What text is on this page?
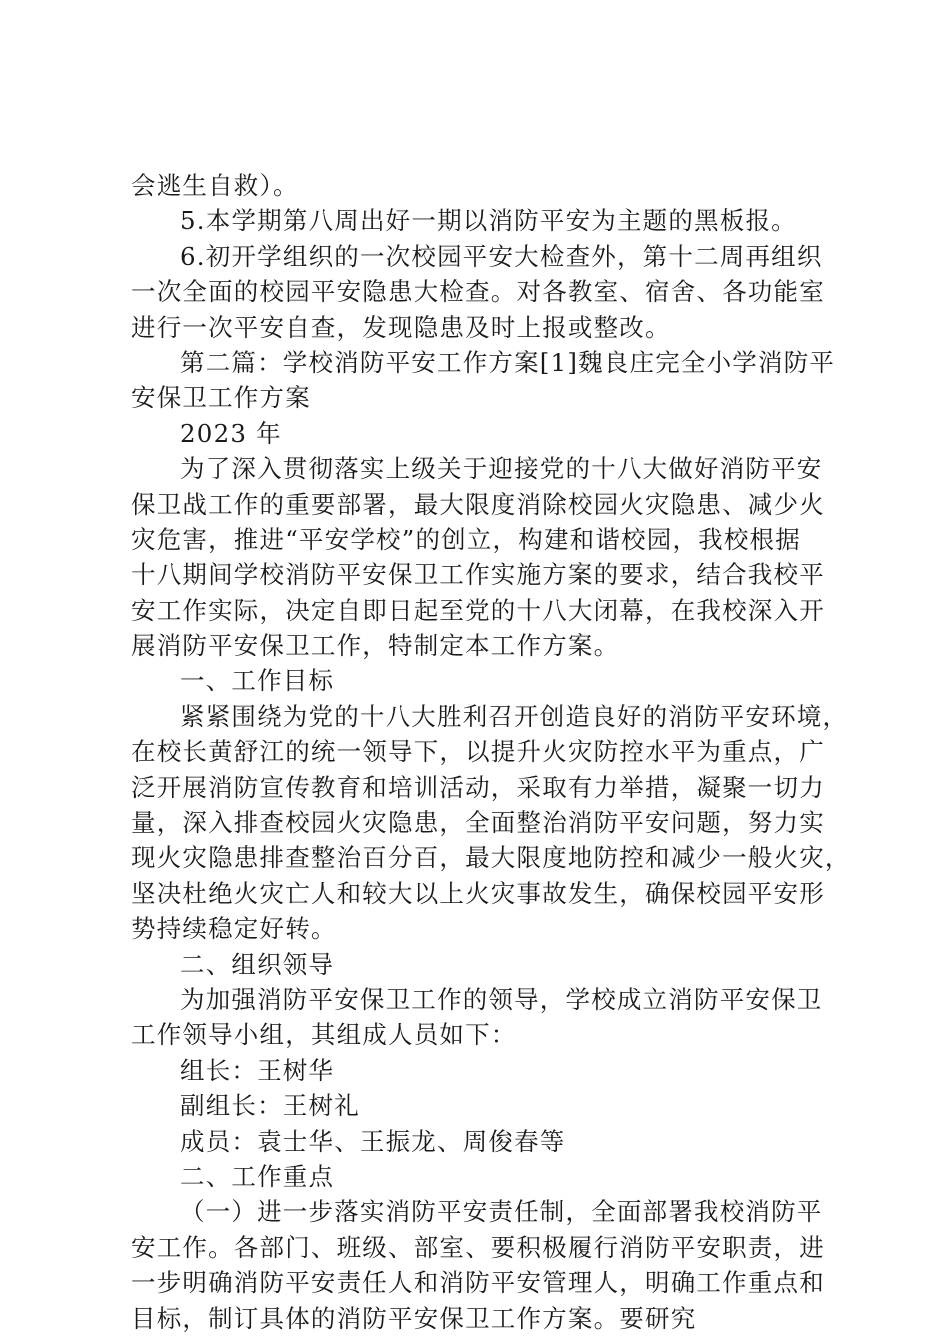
会逃生自救）。
5.本学期第八周出好一期以消防平安为主题的黑板报。
6.初开学组织的一次校园平安大检查外，第十二周再组织
一次全面的校园平安隐患大检查。对各教室、宿舍、各功能室
进行一次平安自查，发现隐患及时上报或整改。
第二篇：学校消防平安工作方案[1]魏良庄完全小学消防平
安保卫工作方案
2023 年
为了深入贯彻落实上级关于迎接党的十八大做好消防平安
保卫战工作的重要部署，最大限度消除校园火灾隐患、减少火
灾危害，推进“平安学校”的创立，构建和谐校园，我校根据
十八期间学校消防平安保卫工作实施方案的要求，结合我校平
安工作实际，决定自即日起至党的十八大闭幕，在我校深入开
展消防平安保卫工作，特制定本工作方案。
一、工作目标
紧紧围绕为党的十八大胜利召开创造良好的消防平安环境，
在校长黄舒江的统一领导下，以提升火灾防控水平为重点，广
泛开展消防宣传教育和培训活动，采取有力举措，凝聚一切力
量，深入排查校园火灾隐患，全面整治消防平安问题，努力实
现火灾隐患排查整治百分百，最大限度地防控和减少一般火灾，
坚决杜绝火灾亡人和较大以上火灾事故发生，确保校园平安形
势持续稳定好转。
二、组织领导
为加强消防平安保卫工作的领导，学校成立消防平安保卫
工作领导小组，其组成人员如下：
组长：王树华
副组长：王树礼
成员：袁士华、王振龙、周俊春等
二、工作重点
（一）进一步落实消防平安责任制，全面部署我校消防平
安工作。各部门、班级、部室、要积极履行消防平安职责，进
一步明确消防平安责任人和消防平安管理人，明确工作重点和
目标，制订具体的消防平安保卫工作方案。要研究
